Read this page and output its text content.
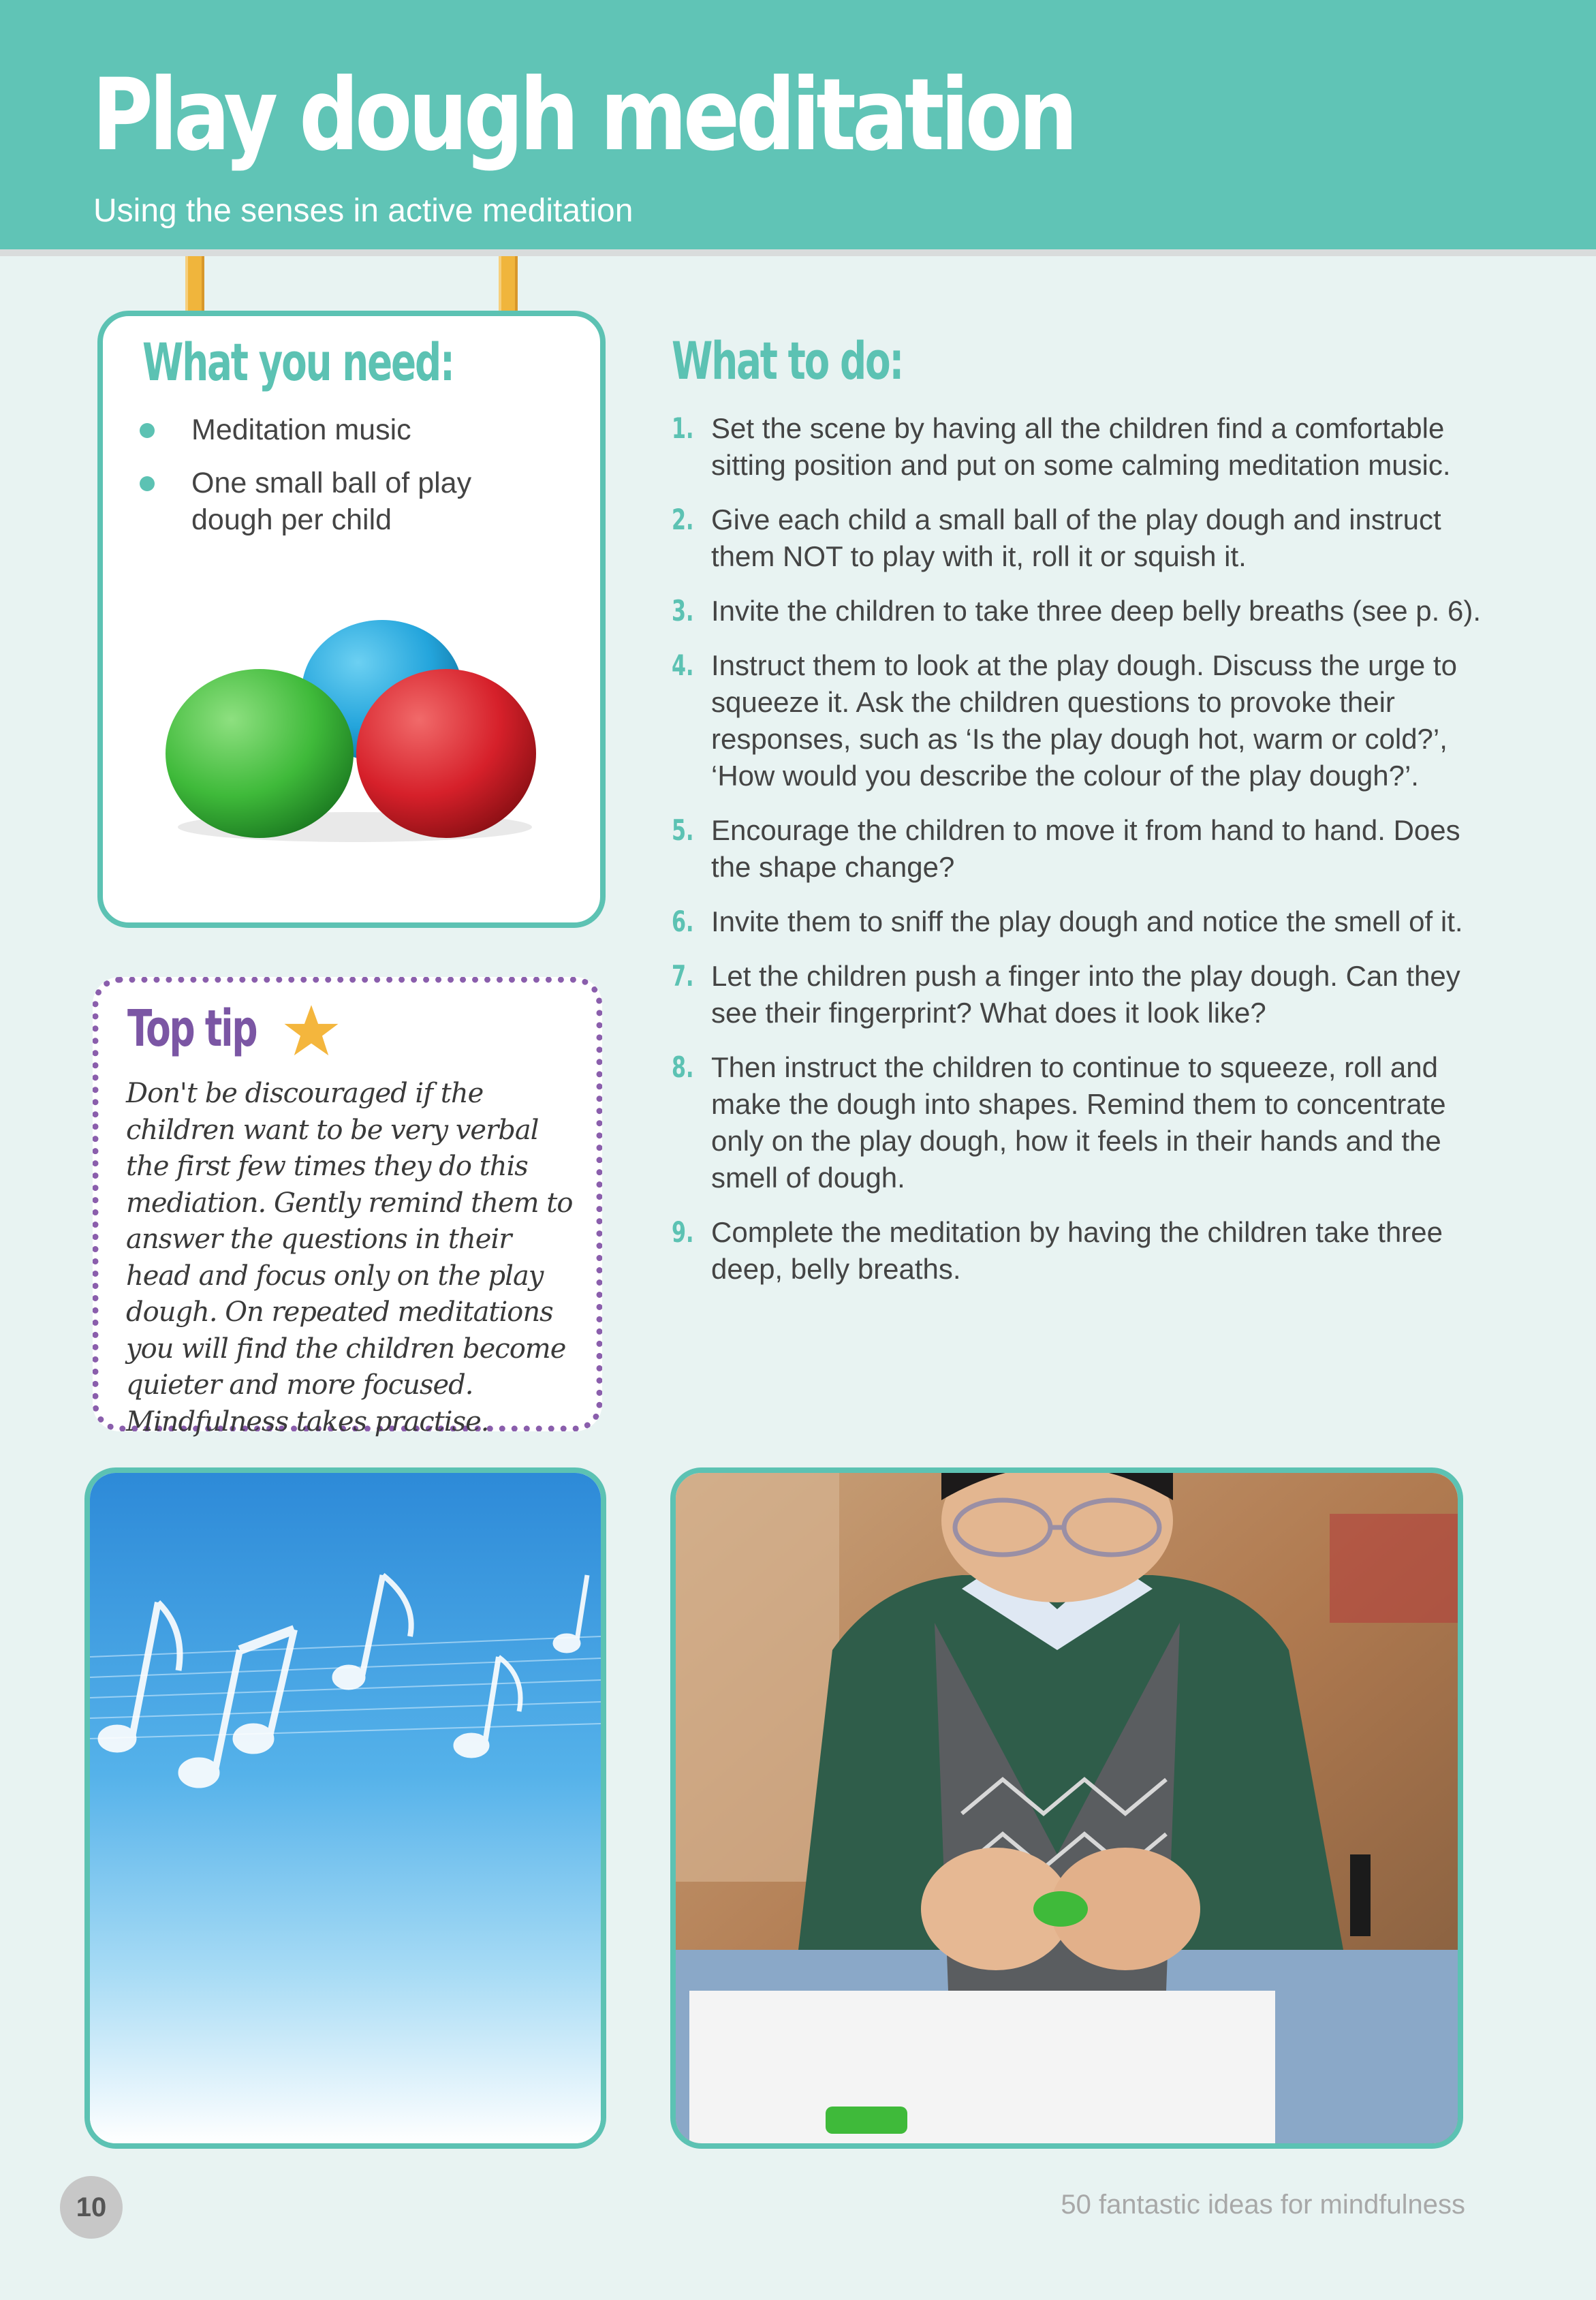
Play dough meditation
Using the senses in active meditation
What you need:
Meditation music
One small ball of play dough per child
Top tip

Don't be discouraged if the children want to be very verbal the first few times they do this mediation. Gently remind them to answer the questions in their head and focus only on the play dough. On repeated meditations you will find the children become quieter and more focused. Mindfulness takes practise.

What to do:
1. Set the scene by having all the children find a comfortable sitting position and put on some calming meditation music.
2. Give each child a small ball of the play dough and instruct them NOT to play with it, roll it or squish it.
3. Invite the children to take three deep belly breaths (see p. 6).
4. Instruct them to look at the play dough. Discuss the urge to squeeze it. Ask the children questions to provoke their responses, such as ‘Is the play dough hot, warm or cold?’, ‘How would you describe the colour of the play dough?’.
5. Encourage the children to move it from hand to hand. Does the shape change?
6. Invite them to sniff the play dough and notice the smell of it.
7. Let the children push a finger into the play dough. Can they see their fingerprint? What does it look like?
8. Then instruct the children to continue to squeeze, roll and make the dough into shapes. Remind them to concentrate only on the play dough, how it feels in their hands and the smell of dough.
9. Complete the meditation by having the children take three deep, belly breaths.
10	50 fantastic ideas for mindfulness
